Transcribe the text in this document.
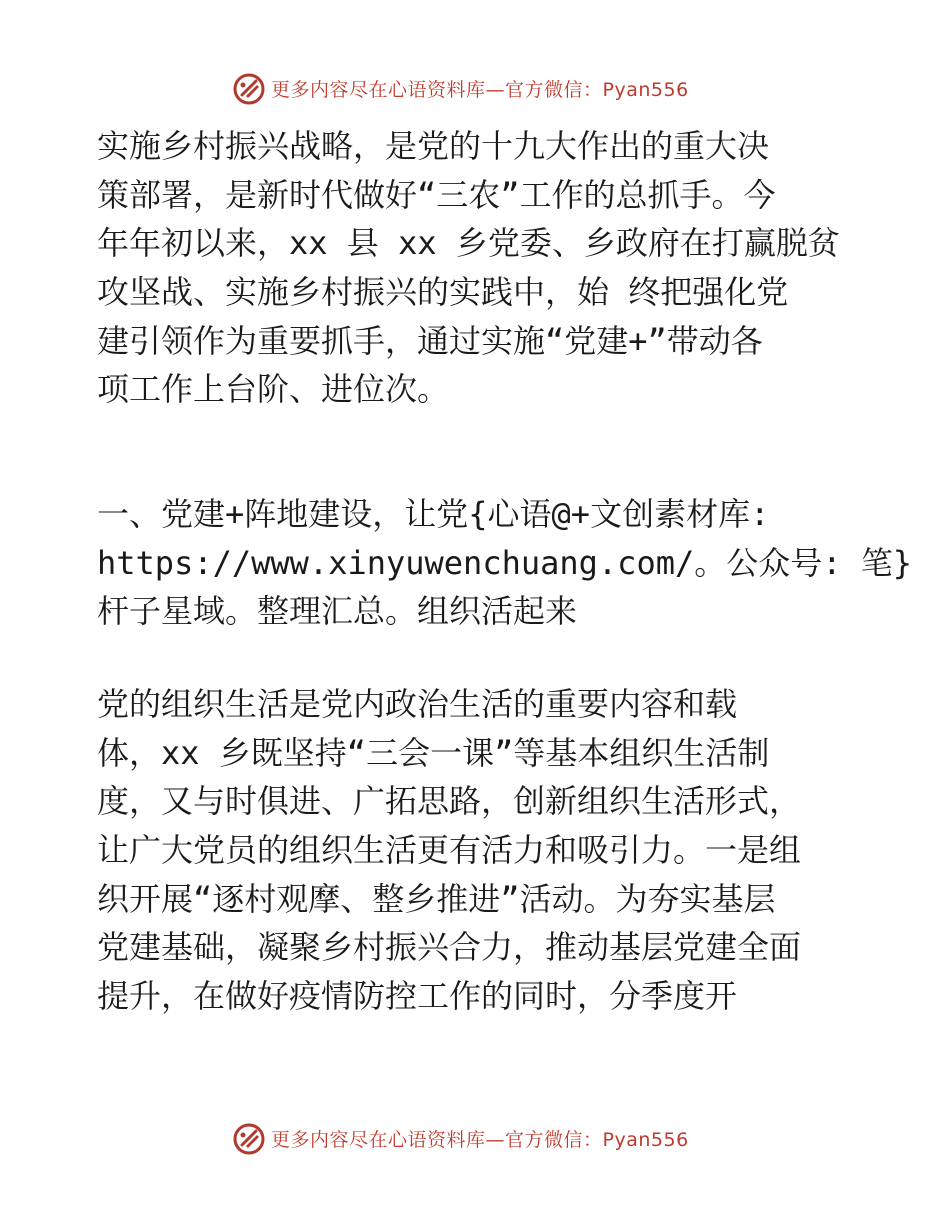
更多内容尽在心语资料库—官方微信：Pyan556
实施乡村振兴战略，是党的十九大作出的重大决
策部署，是新时代做好“三农”工作的总抓手。今
年年初以来，xx 县 xx 乡党委、乡政府在打赢脱贫
攻坚战、实施乡村振兴的实践中，始 终把强化党
建引领作为重要抓手，通过实施“党建+”带动各
项工作上台阶、进位次。
一、党建+阵地建设，让党{心语@+文创素材库:
https://www.xinyuwenchuang.com/。公众号: 笔}
杆子星域。整理汇总。组织活起来
党的组织生活是党内政治生活的重要内容和载
体，xx 乡既坚持“三会一课”等基本组织生活制
度，又与时俱进、广拓思路，创新组织生活形式，
让广大党员的组织生活更有活力和吸引力。一是组
织开展“逐村观摩、整乡推进”活动。为夯实基层
党建基础，凝聚乡村振兴合力，推动基层党建全面
提升，在做好疫情防控工作的同时，分季度开
更多内容尽在心语资料库—官方微信：Pyan556
